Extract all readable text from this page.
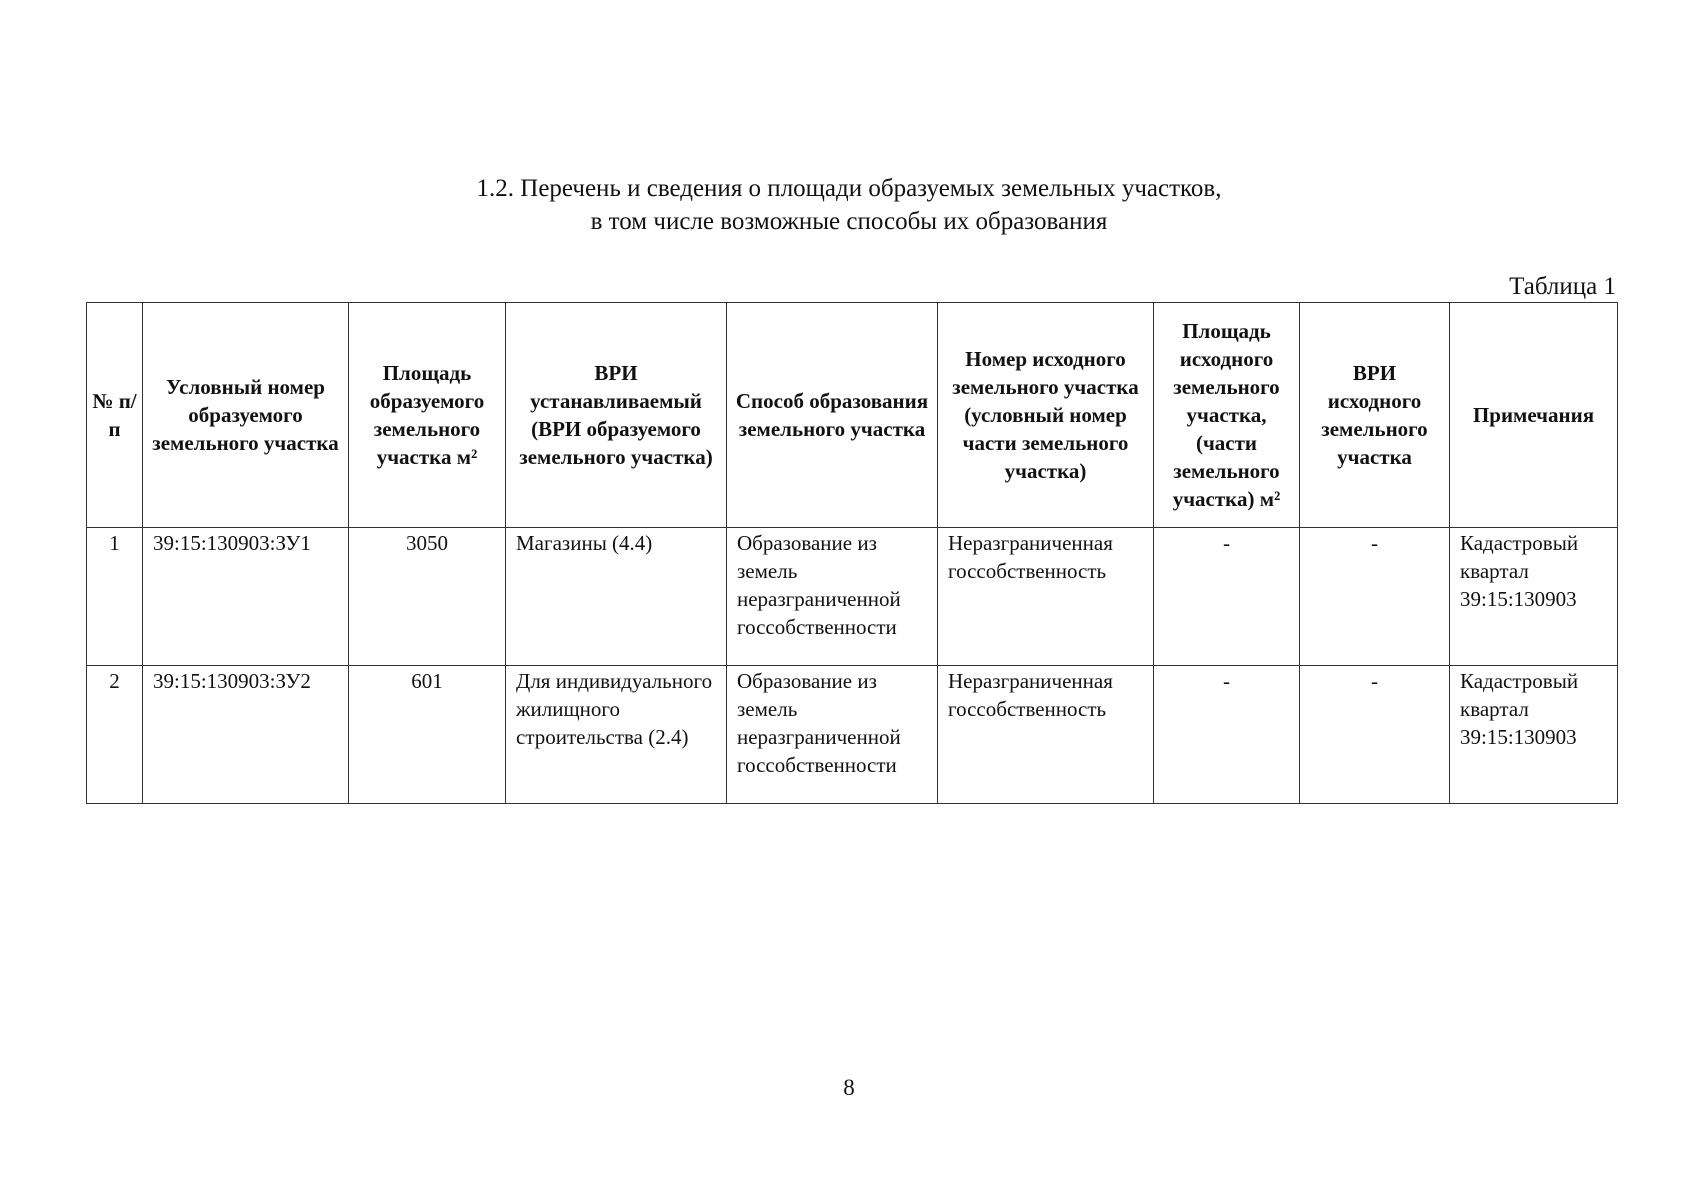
1.2. Перечень и сведения о площади образуемых земельных участков,
в том числе возможные способы их образования
Таблица 1
№ п/п	Условный номер образуемого земельного участка	Площадь образуемого земельного участка м²	ВРИ устанавливаемый (ВРИ образуемого земельного участка)	Способ образования земельного участка	Номер исходного земельного участка (условный номер части земельного участка)	Площадь исходного земельного участка, (части земельного участка) м²	ВРИ исходного земельного участка	Примечания
1	39:15:130903:ЗУ1	3050	Магазины (4.4)	Образование из земель неразграниченной госсобственности	Неразграниченная госсобственность	-	-	Кадастровый квартал 39:15:130903
2	39:15:130903:ЗУ2	601	Для индивидуального жилищного строительства (2.4)	Образование из земель неразграниченной госсобственности	Неразграниченная госсобственность	-	-	Кадастровый квартал 39:15:130903
8
